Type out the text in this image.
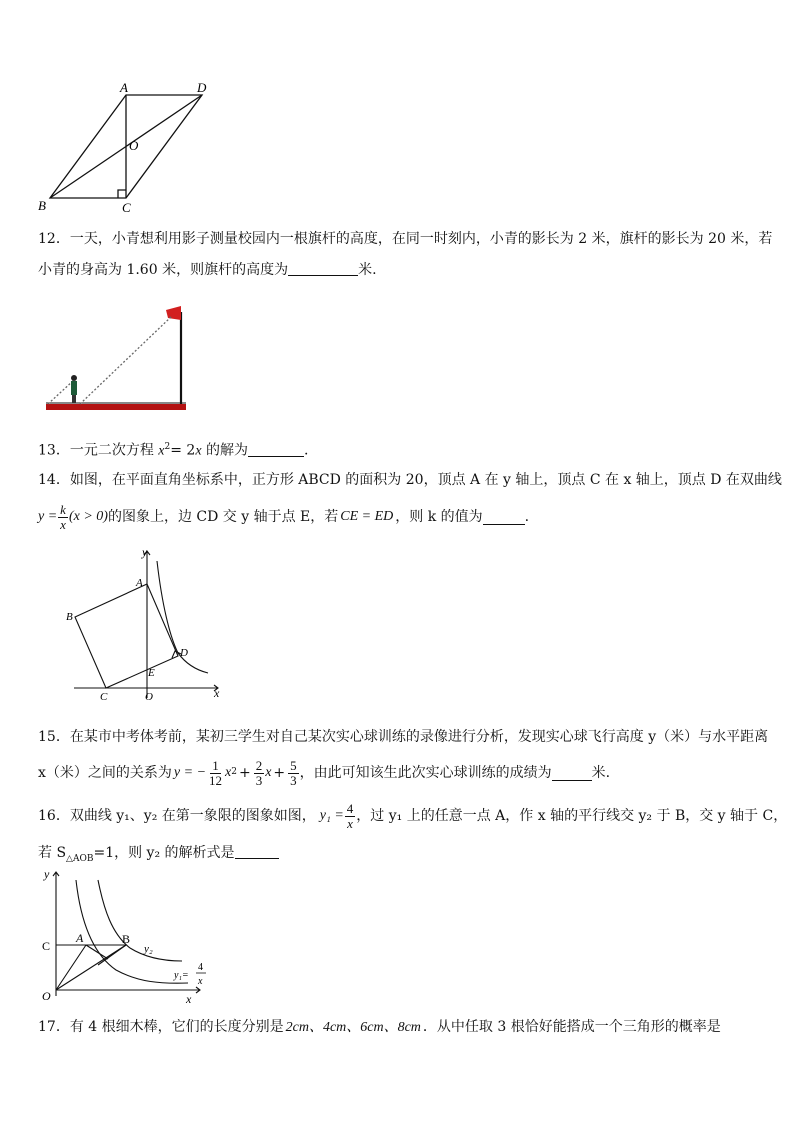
A	D
O
B	C
12．一天，小青想利用影子测量校园内一根旗杆的高度，在同一时刻内，小青的影长为 2 米，旗杆的影长为 20 米，若
小青的身高为 1.60 米，则旗杆的高度为	米.
13．一元二次方程 $x^2= 2x$ 的解为	.
14．如图，在平面直角坐标系中，正方形 ABCD 的面积为 20，顶点 A 在 y 轴上，顶点 C 在 x 轴上，顶点 D 在双曲线
$y = \frac{k}{x} (x > 0)$ 的图象上，边 CD 交 y 轴于点 E，若 CE = ED ，则 k 的值为	.
y
x
A
B
C
D
E
O
15．在某市中考体考前，某初三学生对自己某次实心球训练的录像进行分析，发现实心球飞行高度 y（米）与水平距离
x（米）之间的关系为 y = − $\frac{1}{12}$ x $2 + \frac{2}{3}$ $x + \frac{5}{3}$ ，由此可知该生此次实心球训练的成绩为	米.
16．双曲线 y₁、y₂ 在第一象限的图象如图， $y_1 = \frac{4}{x}$ ，过 y₁ 上的任意一点 A，作 x 轴的平行线交 y₂ 于 B，交 y 轴于 C，
若 $S_{\triangle AOB}=1$，则 y₂ 的解析式是
y
x
C
A	B
O
y₂
y₁=
4
x
17．有 4 根细木棒，它们的长度分别是 2cm、4cm、6cm、8cm ．从中任取 3 根恰好能搭成一个三角形的概率是
